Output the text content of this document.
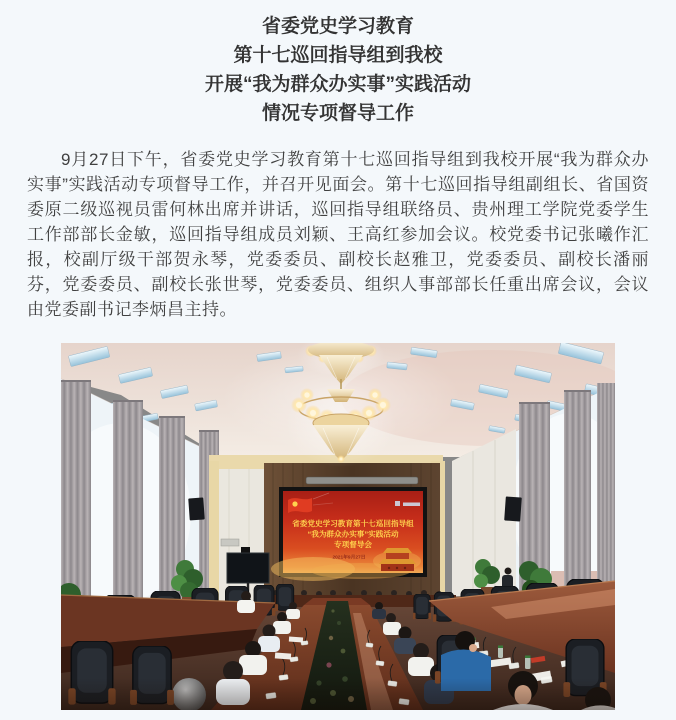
省委党史学习教育
第十七巡回指导组到我校
开展“我为群众办实事”实践活动
情况专项督导工作

9月27日下午，省委党史学习教育第十七巡回指导组到我校开展“我为群众办实事”实践活动专项督导工作，并召开见面会。第十七巡回指导组副组长、省国资委原二级巡视员雷何林出席并讲话，巡回指导组联络员、贵州理工学院党委学生工作部部长金敏，巡回指导组成员刘颖、王高红参加会议。校党委书记张曦作汇报，校副厅级干部贺永琴，党委委员、副校长赵雅卫，党委委员、副校长潘丽芬，党委委员、副校长张世琴，党委委员、组织人事部部长任重出席会议，会议由党委副书记李炳昌主持。

省委党史学习教育第十七巡回指导组
“我为群众办实事”实践活动
专项督导会
2021年9月27日
